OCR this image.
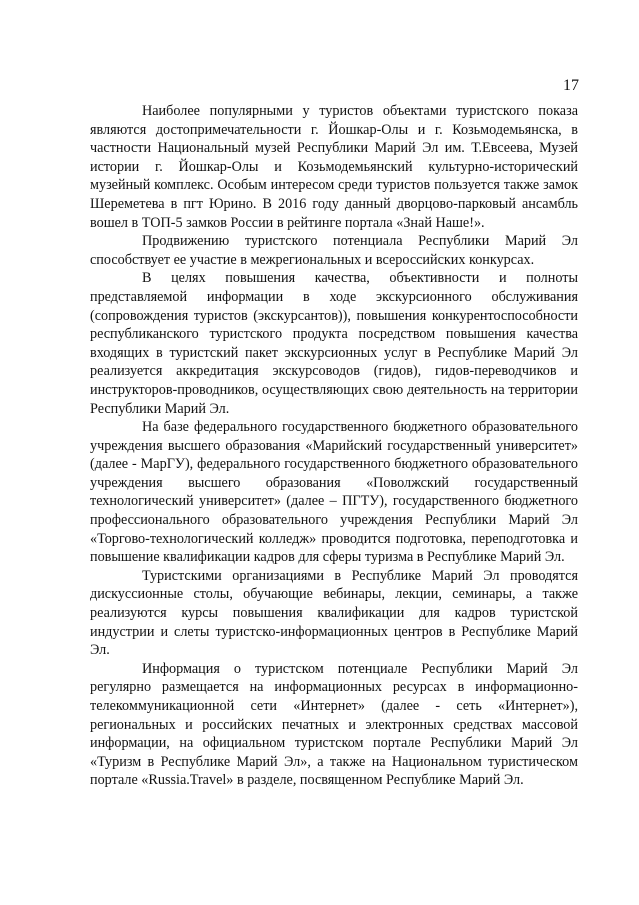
17

Наиболее популярными у туристов объектами туристского показа являются достопримечательности г. Йошкар-Олы и г. Козьмодемьянска, в частности Национальный музей Республики Марий Эл им. Т.Евсеева, Музей истории г. Йошкар-Олы и Козьмодемьянский культурно-исторический музейный комплекс. Особым интересом среди туристов пользуется также замок Шереметева в пгт Юрино. В 2016 году данный дворцово-парковый ансамбль вошел в ТОП-5 замков России в рейтинге портала «Знай Наше!».

Продвижению туристского потенциала Республики Марий Эл способствует ее участие в межрегиональных и всероссийских конкурсах.

В целях повышения качества, объективности и полноты представляемой информации в ходе экскурсионного обслуживания (сопровождения туристов (экскурсантов)), повышения конкурентоспособности республиканского туристского продукта посредством повышения качества входящих в туристский пакет экскурсионных услуг в Республике Марий Эл реализуется аккредитация экскурсоводов (гидов), гидов-переводчиков и инструкторов-проводников, осуществляющих свою деятельность на территории Республики Марий Эл.

На базе федерального государственного бюджетного образовательного учреждения высшего образования «Марийский государственный университет» (далее - МарГУ), федерального государственного бюджетного образовательного учреждения высшего образования «Поволжский государственный технологический университет» (далее – ПГТУ), государственного бюджетного профессионального образовательного учреждения Республики Марий Эл «Торгово-технологический колледж» проводится подготовка, переподготовка и повышение квалификации кадров для сферы туризма в Республике Марий Эл.

Туристскими организациями в Республике Марий Эл проводятся дискуссионные столы, обучающие вебинары, лекции, семинары, а также реализуются курсы повышения квалификации для кадров туристской индустрии и слеты туристско-информационных центров в Республике Марий Эл.

Информация о туристском потенциале Республики Марий Эл регулярно размещается на информационных ресурсах в информационно-телекоммуникационной сети «Интернет» (далее - сеть «Интернет»), региональных и российских печатных и электронных средствах массовой информации, на официальном туристском портале Республики Марий Эл «Туризм в Республике Марий Эл», а также на Национальном туристическом портале «Russia.Travel» в разделе, посвященном Республике Марий Эл.
